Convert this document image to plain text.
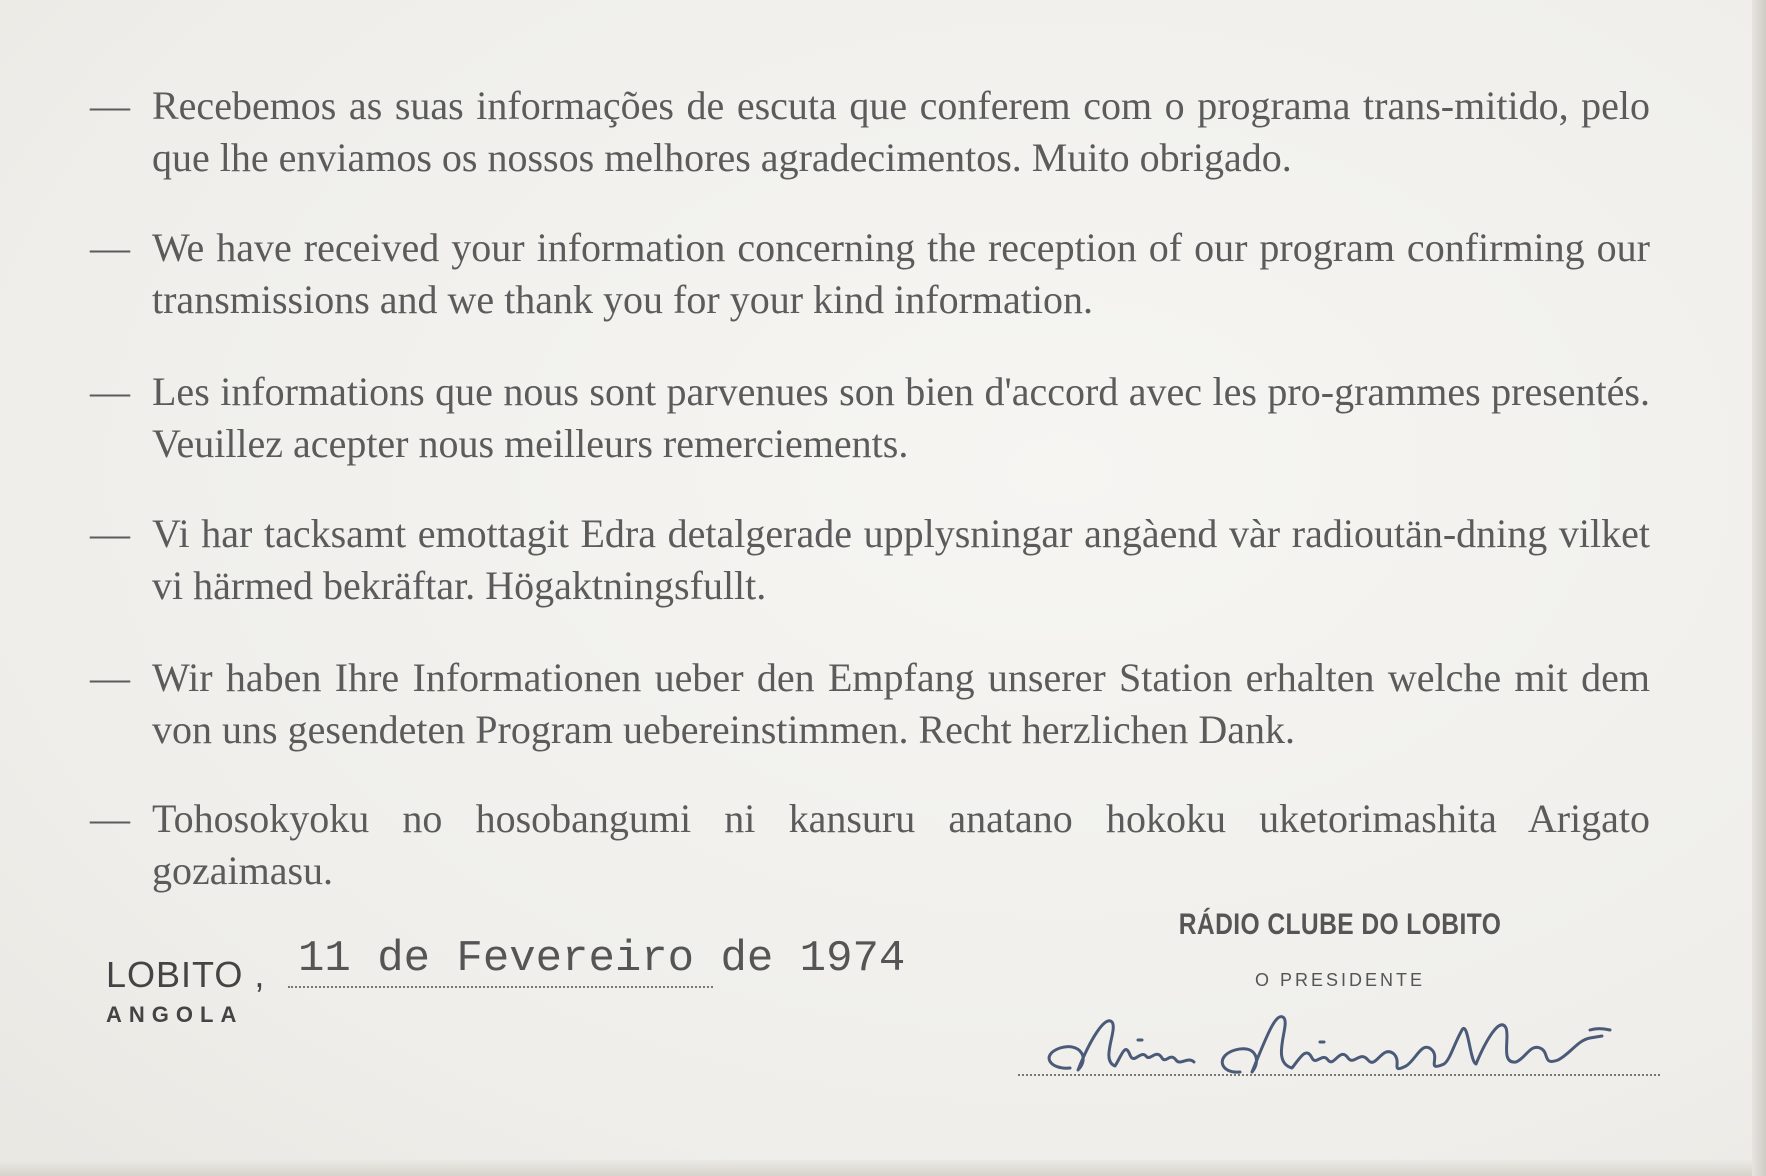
— Recebemos as suas informações de escuta que conferem com o programa trans-mitido, pelo que lhe enviamos os nossos melhores agradecimentos. Muito obrigado.
— We have received your information concerning the reception of our program confirming our transmissions and we thank you for your kind information.
— Les informations que nous sont parvenues son bien d'accord avec les pro-grammes presentés. Veuillez acepter nous meilleurs remerciements.
— Vi har tacksamt emottagit Edra detalgerade upplysningar angàend vàr radioutän-dning vilket vi härmed bekräftar. Högaktningsfullt.
— Wir haben Ihre Informationen ueber den Empfang unserer Station erhalten welche mit dem von uns gesendeten Program uebereinstimmen. Recht herzlichen Dank.
— Tohosokyoku no hosobangumi ni kansuru anatano hokoku uketorimashita Arigato gozaimasu.
LOBITO ,
ANGOLA
11 de Fevereiro de 1974
RÁDIO CLUBE DO LOBITO
O PRESIDENTE
